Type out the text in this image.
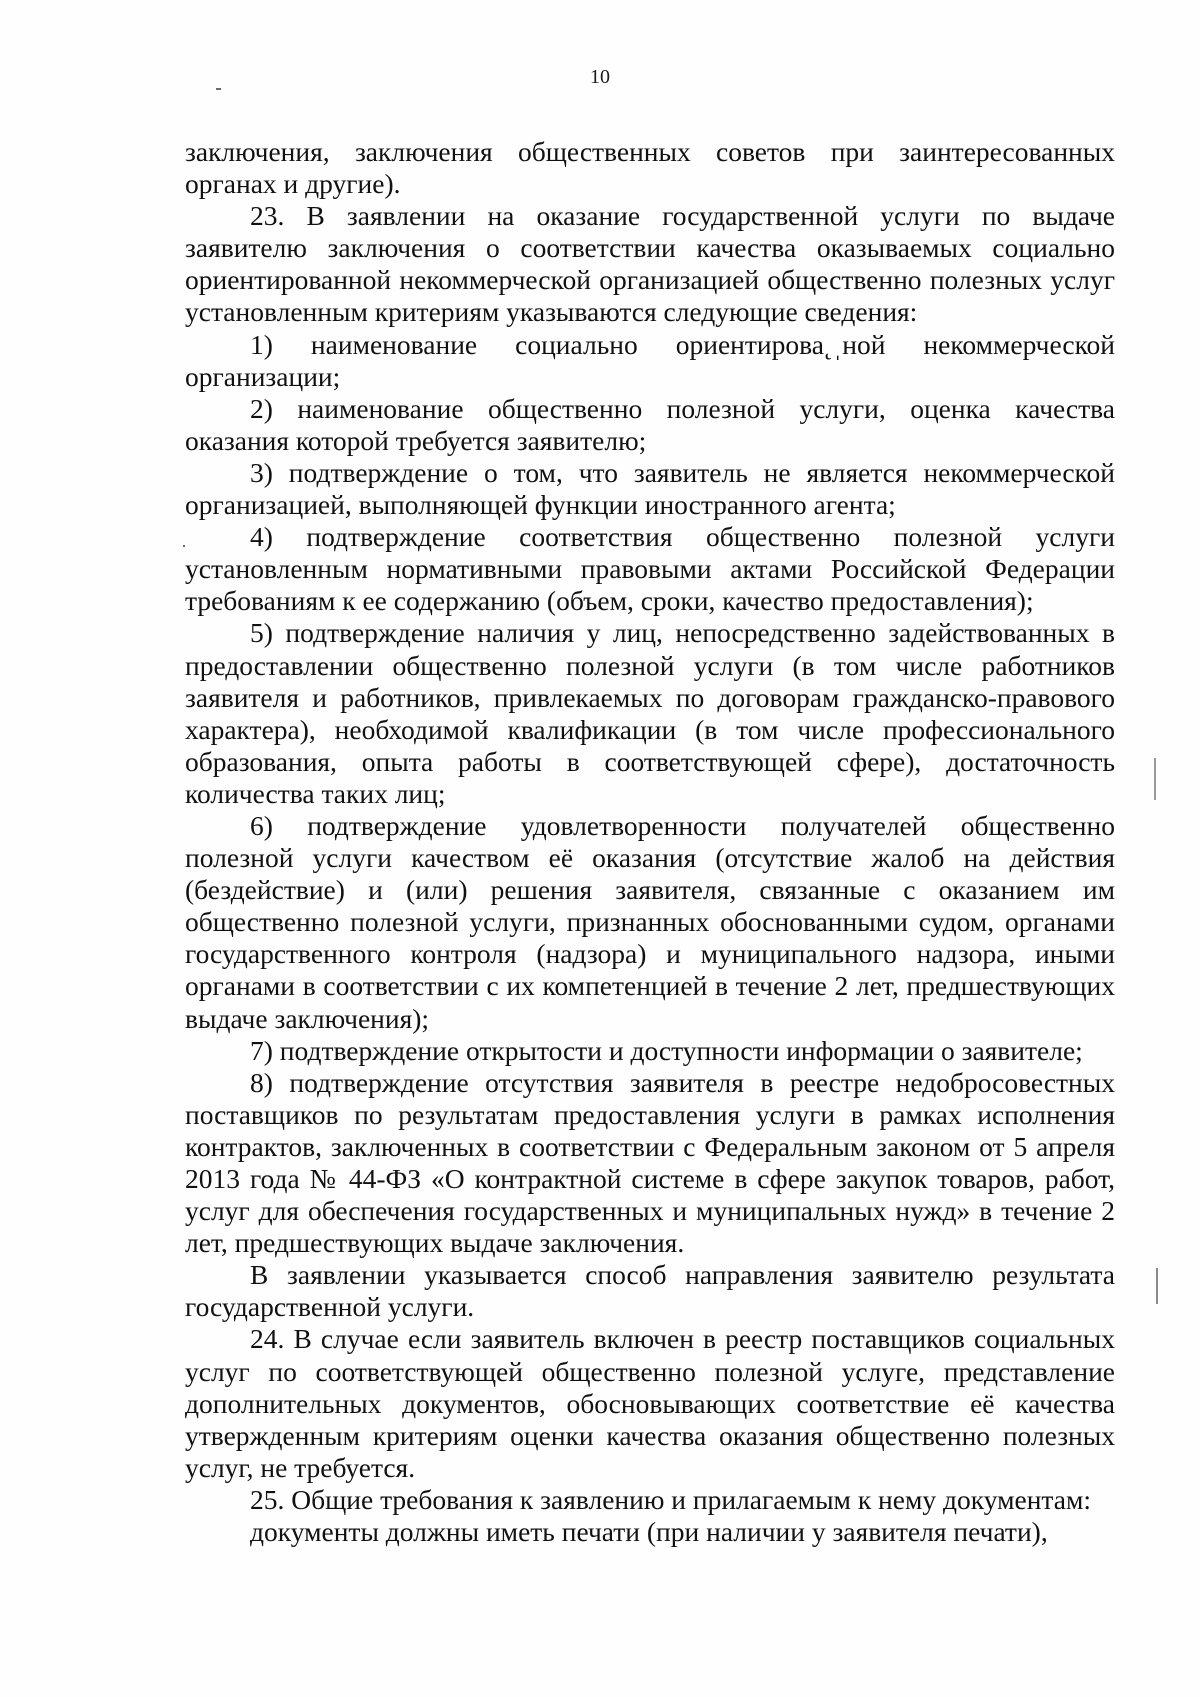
10

заключения, заключения общественных советов при заинтересованных органах и другие).

23. В заявлении на оказание государственной услуги по выдаче заявителю заключения о соответствии качества оказываемых социально ориентированной некоммерческой организацией общественно полезных услуг установленным критериям указываются следующие сведения:

1) наименование социально ориентирова˛ˌной некоммерческой организации;

2) наименование общественно полезной услуги, оценка качества оказания которой требуется заявителю;

3) подтверждение о том, что заявитель не является некоммерческой организацией, выполняющей функции иностранного агента;

4) подтверждение соответствия общественно полезной услуги установленным нормативными правовыми актами Российской Федерации требованиям к ее содержанию (объем, сроки, качество предоставления);

5) подтверждение наличия у лиц, непосредственно задействованных в предоставлении общественно полезной услуги (в том числе работников заявителя и работников, привлекаемых по договорам гражданско-правового характера), необходимой квалификации (в том числе профессионального образования, опыта работы в соответствующей сфере), достаточность количества таких лиц;

6) подтверждение удовлетворенности получателей общественно полезной услуги качеством её оказания (отсутствие жалоб на действия (бездействие) и (или) решения заявителя, связанные с оказанием им общественно полезной услуги, признанных обоснованными судом, органами государственного контроля (надзора) и муниципального надзора, иными органами в соответствии с их компетенцией в течение 2 лет, предшествующих выдаче заключения);

7) подтверждение открытости и доступности информации о заявителе;

8) подтверждение отсутствия заявителя в реестре недобросовестных поставщиков по результатам предоставления услуги в рамках исполнения контрактов, заключенных в соответствии с Федеральным законом от 5 апреля 2013 года № 44-ФЗ «О контрактной системе в сфере закупок товаров, работ, услуг для обеспечения государственных и муниципальных нужд» в течение 2 лет, предшествующих выдаче заключения.

В заявлении указывается способ направления заявителю результата государственной услуги.

24. В случае если заявитель включен в реестр поставщиков социальных услуг по соответствующей общественно полезной услуге, представление дополнительных документов, обосновывающих соответствие её качества утвержденным критериям оценки качества оказания общественно полезных услуг, не требуется.

25. Общие требования к заявлению и прилагаемым к нему документам:

документы должны иметь печати (при наличии у заявителя печати),
